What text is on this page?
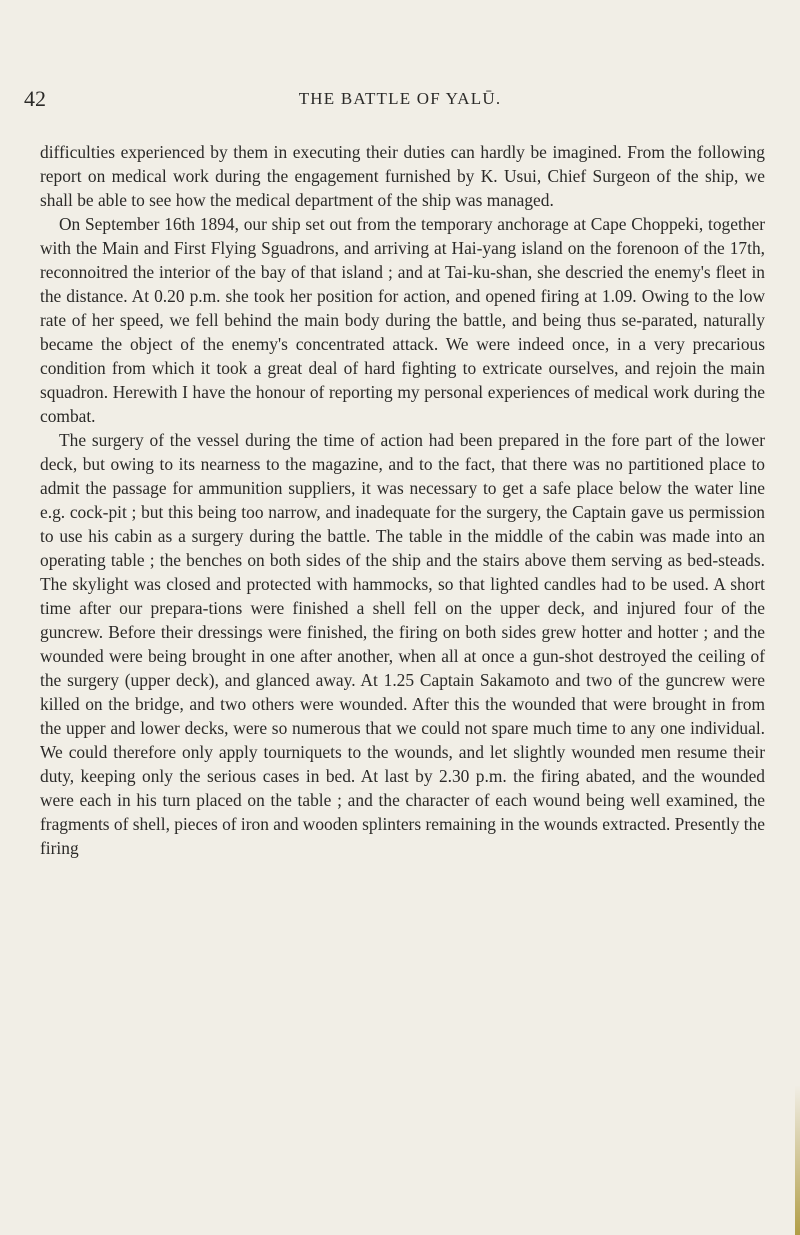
42	THE BATTLE OF YALŪ.

difficulties experienced by them in executing their duties can hardly be imagined. From the following report on medical work during the engagement furnished by K. Usui, Chief Surgeon of the ship, we shall be able to see how the medical department of the ship was managed.

On September 16th 1894, our ship set out from the temporary anchorage at Cape Choppeki, together with the Main and First Flying Sguadrons, and arriving at Hai-yang island on the forenoon of the 17th, reconnoitred the interior of the bay of that island ; and at Tai-ku-shan, she descried the enemy's fleet in the distance. At 0.20 p.m. she took her position for action, and opened firing at 1.09. Owing to the low rate of her speed, we fell behind the main body during the battle, and being thus se-parated, naturally became the object of the enemy's concentrated attack. We were indeed once, in a very precarious condition from which it took a great deal of hard fighting to extricate ourselves, and rejoin the main squadron. Herewith I have the honour of reporting my personal experiences of medical work during the combat.

The surgery of the vessel during the time of action had been prepared in the fore part of the lower deck, but owing to its nearness to the magazine, and to the fact, that there was no partitioned place to admit the passage for ammunition suppliers, it was necessary to get a safe place below the water line e.g. cock-pit ; but this being too narrow, and inadequate for the surgery, the Captain gave us permission to use his cabin as a surgery during the battle. The table in the middle of the cabin was made into an operating table ; the benches on both sides of the ship and the stairs above them serving as bed-steads. The skylight was closed and protected with hammocks, so that lighted candles had to be used. A short time after our prepara-tions were finished a shell fell on the upper deck, and injured four of the guncrew. Before their dressings were finished, the firing on both sides grew hotter and hotter ; and the wounded were being brought in one after another, when all at once a gun-shot destroyed the ceiling of the surgery (upper deck), and glanced away. At 1.25 Captain Sakamoto and two of the guncrew were killed on the bridge, and two others were wounded. After this the wounded that were brought in from the upper and lower decks, were so numerous that we could not spare much time to any one individual. We could therefore only apply tourniquets to the wounds, and let slightly wounded men resume their duty, keeping only the serious cases in bed. At last by 2.30 p.m. the firing abated, and the wounded were each in his turn placed on the table ; and the character of each wound being well examined, the fragments of shell, pieces of iron and wooden splinters remaining in the wounds extracted. Presently the firing
